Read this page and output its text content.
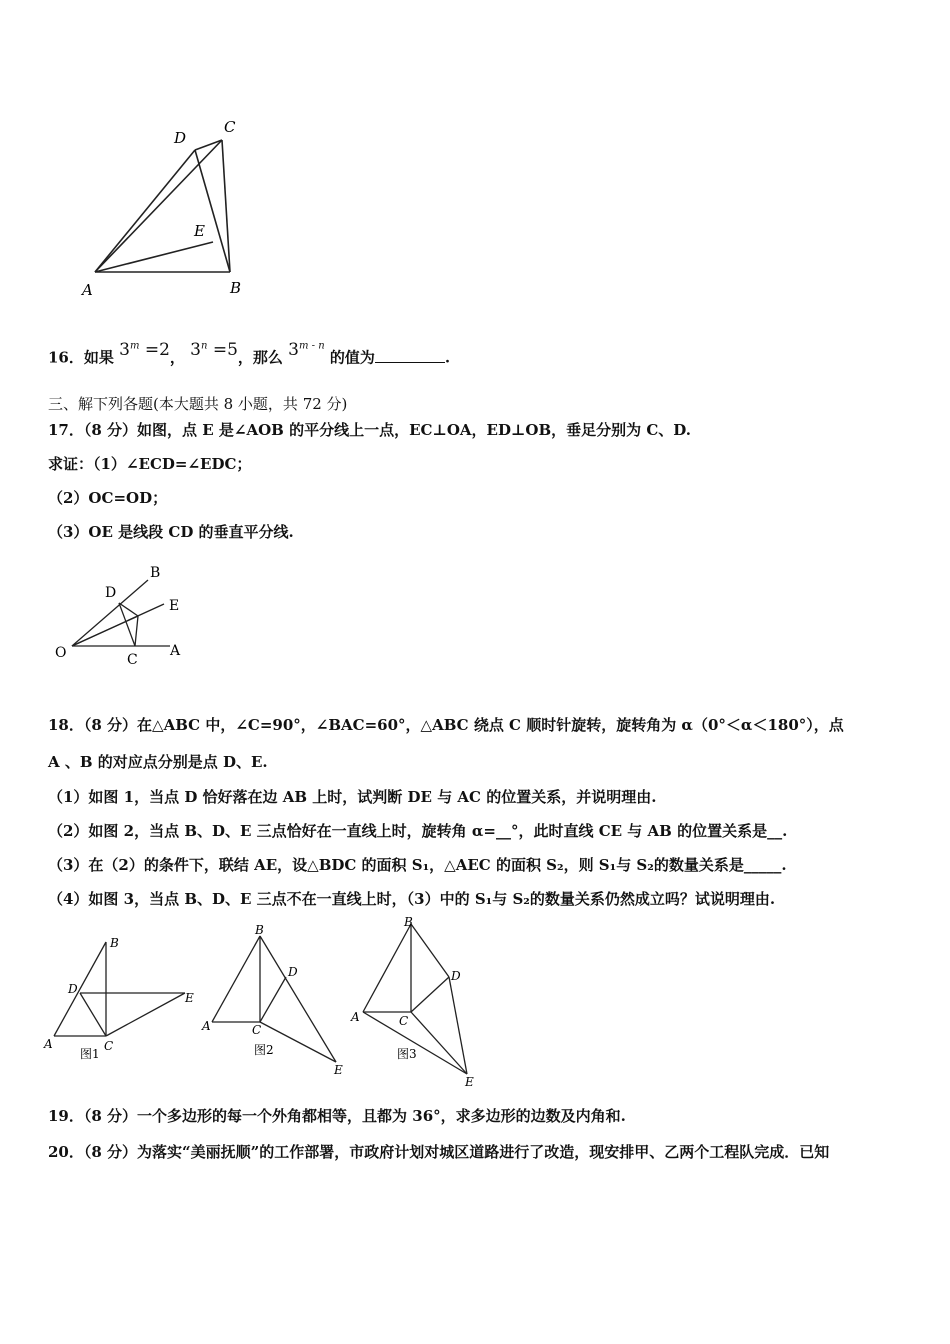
A	B
C
D
E
16．如果 $3^m =2$， $3^n =5$，那么 3$^{m - n}$ 的值为	.
三、解下列各题(本大题共 8 小题，共 72 分)
17．（8 分）如图，点 E 是∠AOB 的平分线上一点，EC⊥OA，ED⊥OB，垂足分别为 C、D.
求证：（1）∠ECD=∠EDC；
（2）OC=OD；
（3）OE 是线段 CD 的垂直平分线.
O	A
B
C
D
E
18．（8 分）在△ABC 中，∠C=90°，∠BAC=60°，△ABC 绕点 C 顺时针旋转，旋转角为 α（0°＜α＜180°），点
A 、B 的对应点分别是点 D、E.
（1）如图 1，当点 D 恰好落在边 AB 上时，试判断 DE 与 AC 的位置关系，并说明理由.
（2）如图 2，当点 B、D、E 三点恰好在一直线上时，旋转角 α=__°，此时直线 CE 与 AB 的位置关系是__.
（3）在（2）的条件下，联结 AE，设△BDC 的面积 S₁，△AEC 的面积 S₂，则 S₁与 S₂的数量关系是_____.
（4）如图 3，当点 B、D、E 三点不在一直线上时，（3）中的 S₁与 S₂的数量关系仍然成立吗？试说明理由.
A
B
C
D
E
图1
A
B
C
D
E
图2
A
B
C
D
E
图3
19．（8 分）一个多边形的每一个外角都相等，且都为 36°，求多边形的边数及内角和.
20．（8 分）为落实“美丽抚顺”的工作部署，市政府计划对城区道路进行了改造，现安排甲、乙两个工程队完成．已知
